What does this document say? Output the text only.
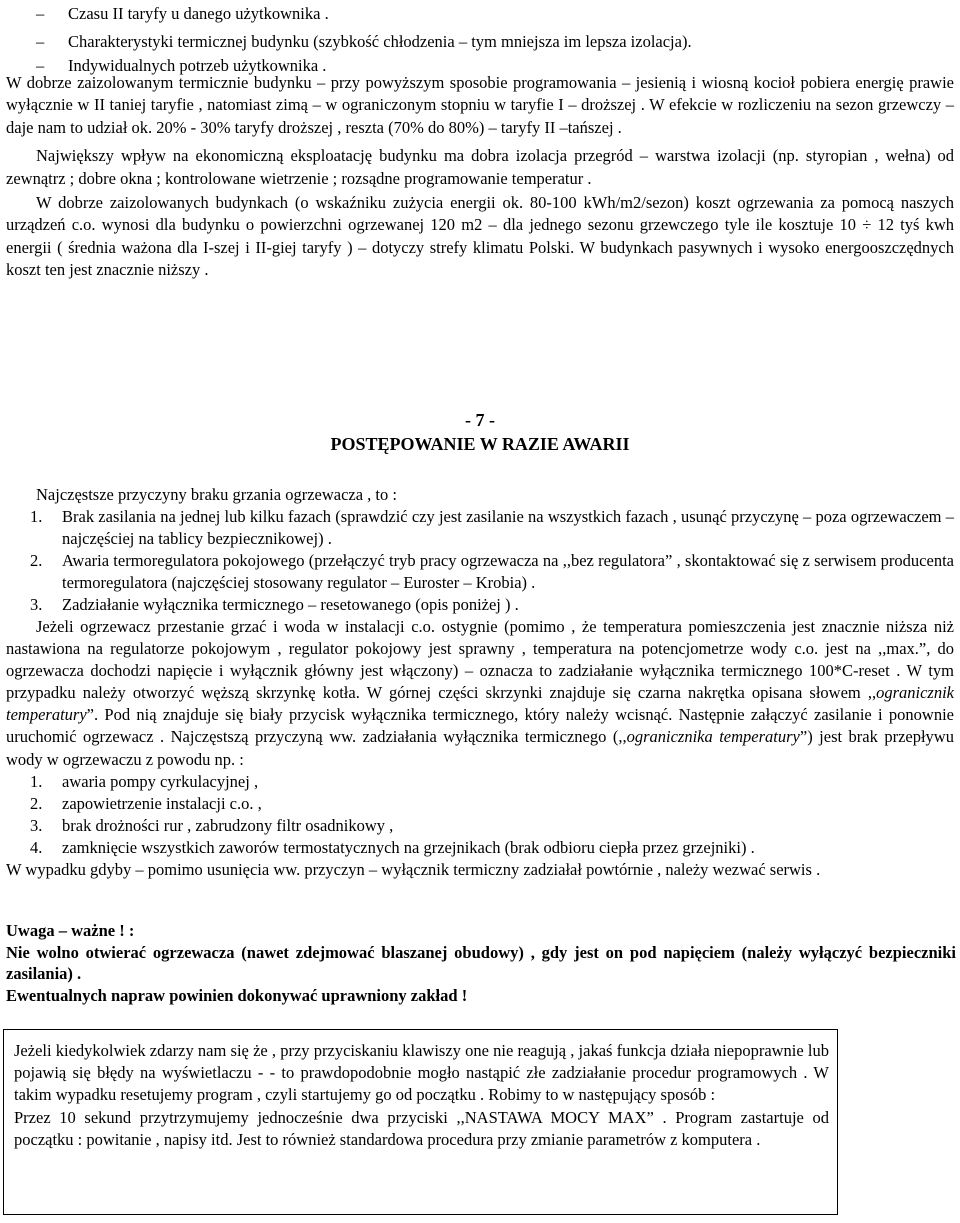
– Czasu II taryfy u danego użytkownika .
– Charakterystyki termicznej budynku (szybkość chłodzenia – tym mniejsza im lepsza izolacja).
– Indywidualnych potrzeb użytkownika .

W dobrze zaizolowanym termicznie budynku – przy powyższym sposobie programowania – jesienią i wiosną kocioł pobiera energię prawie wyłącznie w II taniej taryfie , natomiast zimą – w ograniczonym stopniu w taryfie I – droższej . W efekcie w rozliczeniu na sezon grzewczy – daje nam to udział ok. 20% - 30% taryfy droższej , reszta (70% do 80%) – taryfy II –tańszej .

Największy wpływ na ekonomiczną eksploatację budynku ma dobra izolacja przegród – warstwa izolacji (np. styropian , wełna) od zewnątrz ; dobre okna ; kontrolowane wietrzenie ; rozsądne programowanie temperatur .

W dobrze zaizolowanych budynkach (o wskaźniku zużycia energii ok. 80-100 kWh/m2/sezon) koszt ogrzewania za pomocą naszych urządzeń c.o. wynosi dla budynku o powierzchni ogrzewanej 120 m2 – dla jednego sezonu grzewczego tyle ile kosztuje 10 ÷ 12 tyś kwh energii ( średnia ważona dla I-szej i II-giej taryfy ) – dotyczy strefy klimatu Polski. W budynkach pasywnych i wysoko energooszczędnych koszt ten jest znacznie niższy .

- 7 -
POSTĘPOWANIE W RAZIE AWARII

Najczęstsze przyczyny braku grzania ogrzewacza , to :

1. Brak zasilania na jednej lub kilku fazach (sprawdzić czy jest zasilanie na wszystkich fazach , usunąć przyczynę – poza ogrzewaczem – najczęściej na tablicy bezpiecznikowej) .
2. Awaria termoregulatora pokojowego (przełączyć tryb pracy ogrzewacza na ,,bez regulatora” , skontaktować się z serwisem producenta termoregulatora (najczęściej stosowany regulator – Euroster – Krobia) .
3. Zadziałanie wyłącznika termicznego – resetowanego (opis poniżej ) .

Jeżeli ogrzewacz przestanie grzać i woda w instalacji c.o. ostygnie (pomimo , że temperatura pomieszczenia jest znacznie niższa niż nastawiona na regulatorze pokojowym , regulator pokojowy jest sprawny , temperatura na potencjometrze wody c.o. jest na ,,max.”, do ogrzewacza dochodzi napięcie i wyłącznik główny jest włączony) – oznacza to zadziałanie wyłącznika termicznego 100*C-reset . W tym przypadku należy otworzyć węższą skrzynkę kotła. W górnej części skrzynki znajduje się czarna nakrętka opisana słowem ,,ogranicznik temperatury”. Pod nią znajduje się biały przycisk wyłącznika termicznego, który należy wcisnąć. Następnie załączyć zasilanie i ponownie uruchomić ogrzewacz . Najczęstszą przyczyną ww. zadziałania wyłącznika termicznego (,,ogranicznika temperatury”) jest brak przepływu wody w ogrzewaczu z powodu np. :

1. awaria pompy cyrkulacyjnej ,
2. zapowietrzenie instalacji c.o. ,
3. brak drożności rur , zabrudzony filtr osadnikowy ,
4. zamknięcie wszystkich zaworów termostatycznych na grzejnikach (brak odbioru ciepła przez grzejniki) .

W wypadku gdyby – pomimo usunięcia ww. przyczyn – wyłącznik termiczny zadziałał powtórnie , należy wezwać serwis .

Uwaga – ważne ! :

Nie wolno otwierać ogrzewacza (nawet zdejmować blaszanej obudowy) , gdy jest on pod napięciem (należy wyłączyć bezpieczniki zasilania) .

Ewentualnych napraw powinien dokonywać uprawniony zakład !

Jeżeli kiedykolwiek zdarzy nam się że , przy przyciskaniu klawiszy one nie reagują , jakaś funkcja działa niepoprawnie lub pojawią się błędy na wyświetlaczu - - to prawdopodobnie mogło nastąpić złe zadziałanie procedur programowych . W takim wypadku resetujemy program , czyli startujemy go od początku . Robimy to w następujący sposób :

Przez 10 sekund przytrzymujemy jednocześnie dwa przyciski ,,NASTAWA MOCY MAX” . Program zastartuje od początku : powitanie , napisy itd. Jest to również standardowa procedura przy zmianie parametrów z komputera .
